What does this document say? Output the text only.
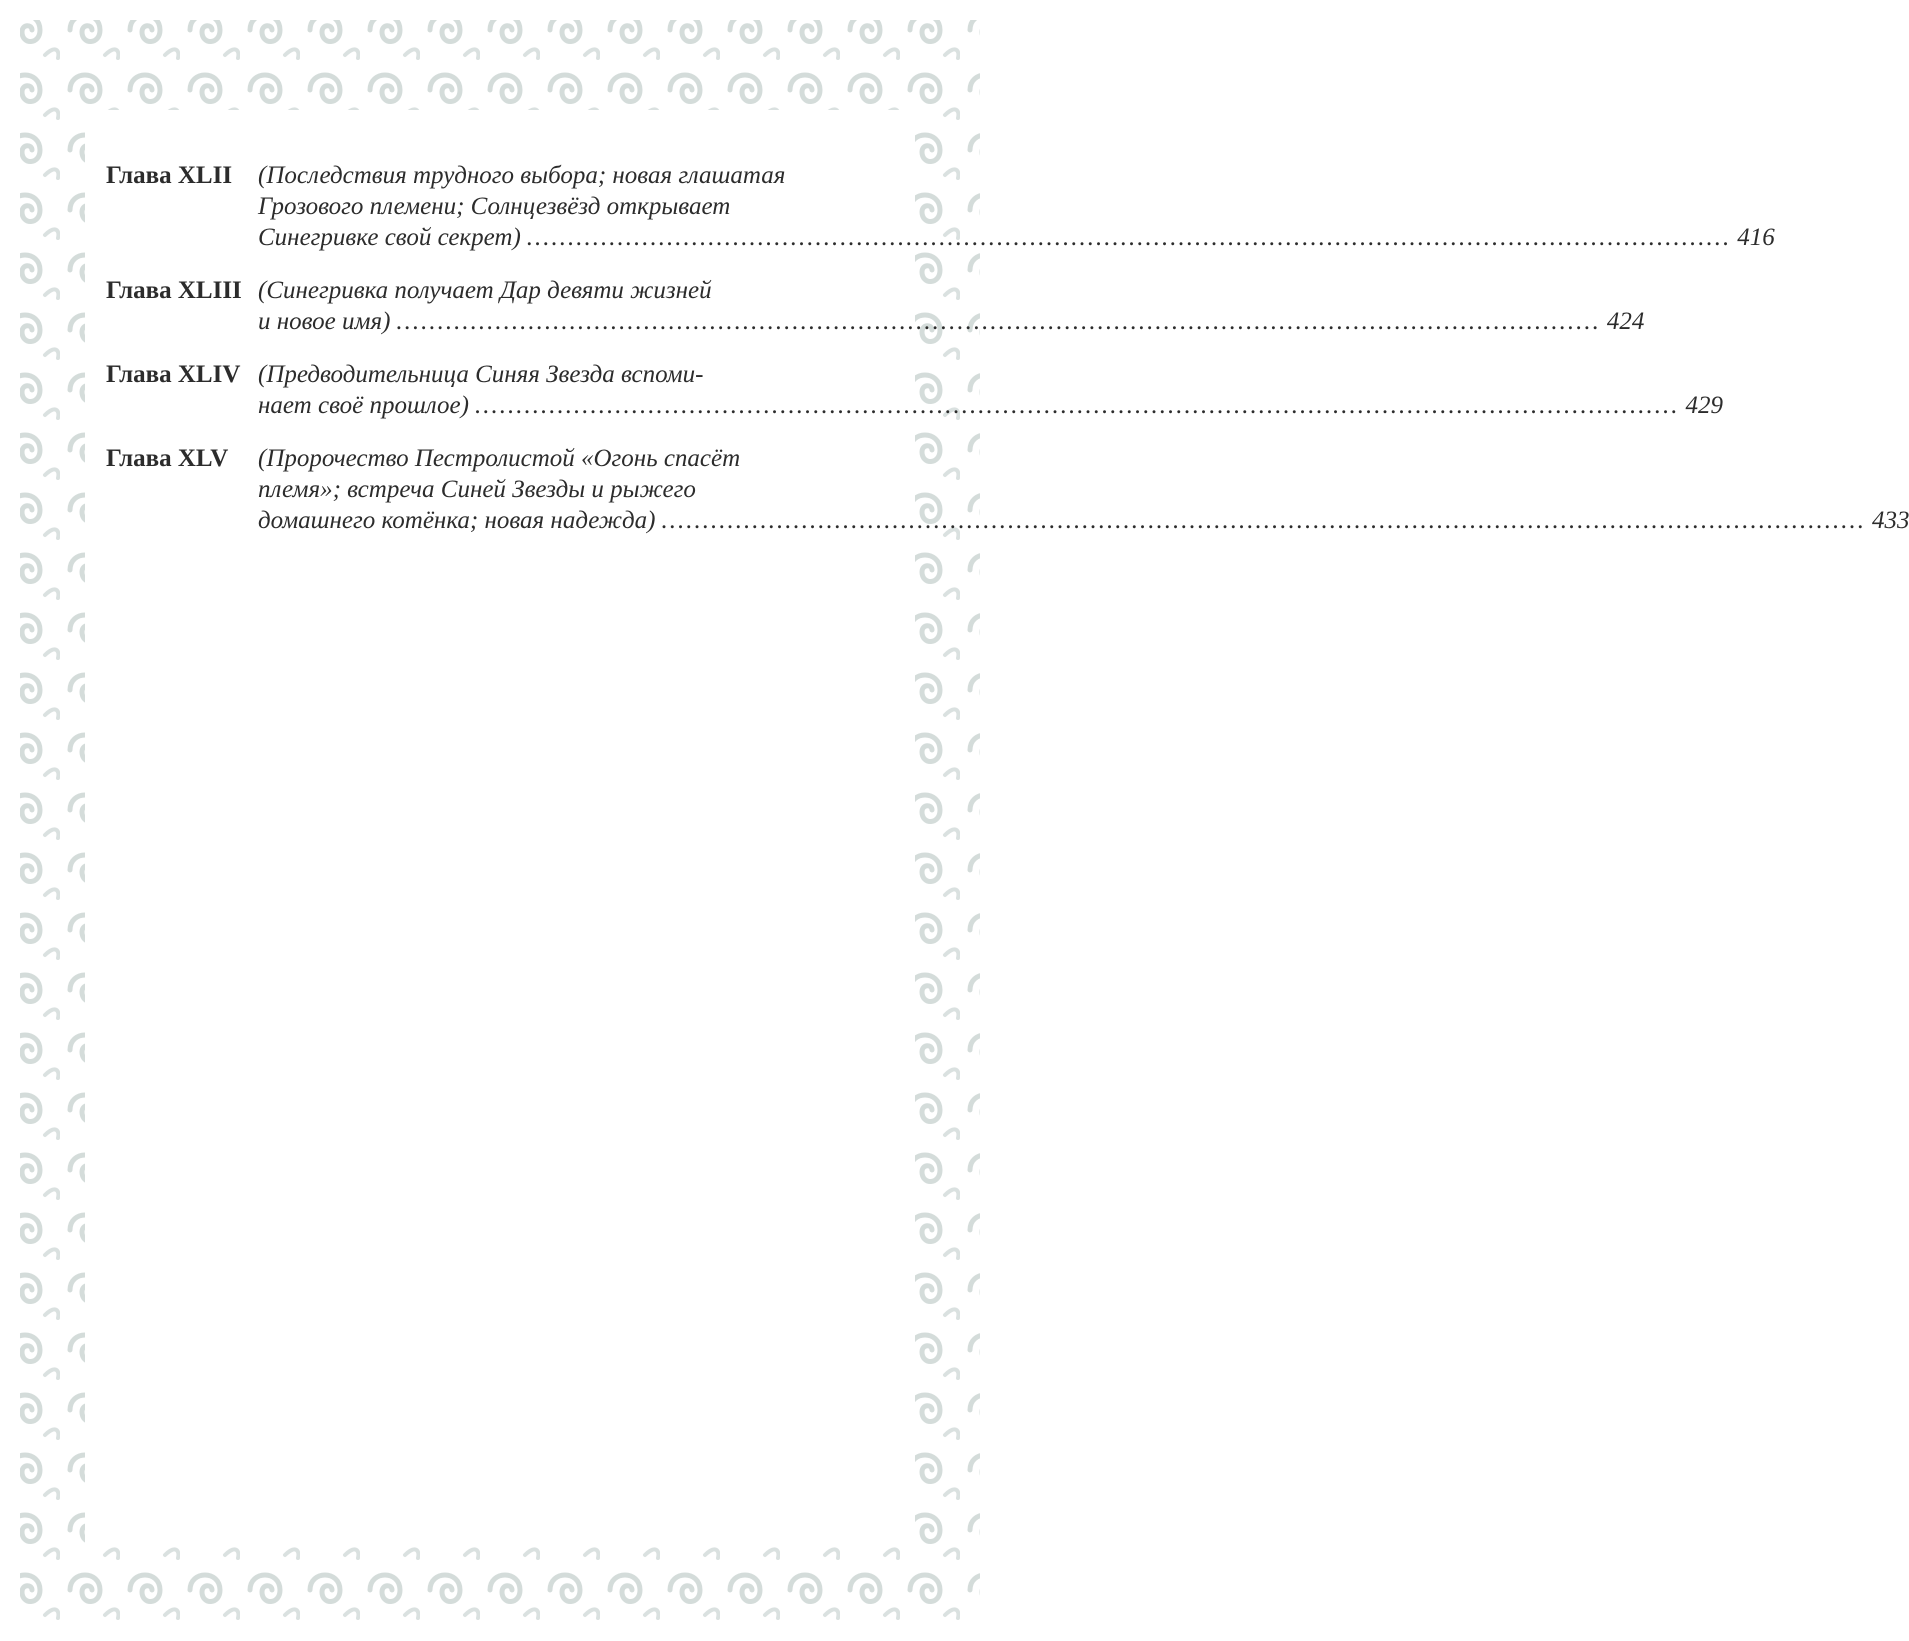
Глава XLII	(Последствия трудного выбора; новая глашатая
Грозового племени; Солнцезвёзд открывает
Синегривке свой секрет) .....	416
Глава XLIII (Синегривка получает Дар девяти жизней
и новое имя) .....	424
Глава XLIV (Предводительница Синяя Звезда вспоми-
нает своё прошлое) .....	429
Глава XLV	(Пророчество Пестролистой «Огонь спасёт
племя»; встреча Синей Звезды и рыжего
домашнего котёнка; новая надежда) .....	433
